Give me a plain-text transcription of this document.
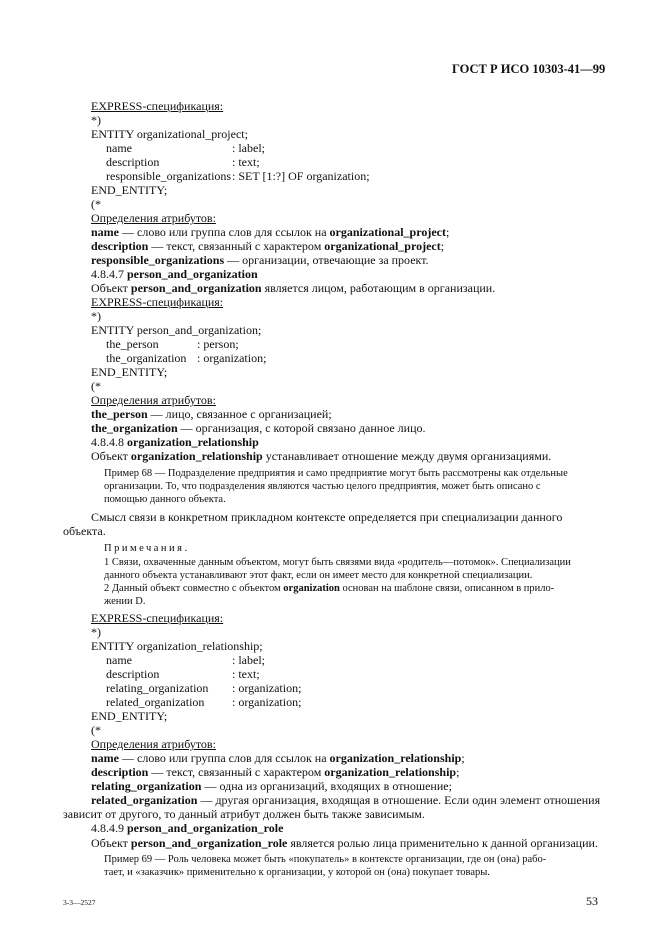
ГОСТ Р ИСО 10303-41—99
EXPRESS-спецификация:
*)
ENTITY organizational_project;
name	: label;
description	: text;
responsible_organizations : SET [1:?] OF organization;
END_ENTITY;
(*
Определения атрибутов:
name — слово или группа слов для ссылок на organizational_project;
description — текст, связанный с характером organizational_project;
responsible_organizations — организации, отвечающие за проект.
4.8.4.7 person_and_organization
Объект person_and_organization является лицом, работающим в организации.
EXPRESS-спецификация:
*)
ENTITY person_and_organization;
the_person	: person;
the_organization : organization;
END_ENTITY;
(*
Определения атрибутов:
the_person — лицо, связанное с организацией;
the_organization — организация, с которой связано данное лицо.
4.8.4.8 organization_relationship
Объект organization_relationship устанавливает отношение между двумя организациями.
Пример 68 — Подразделение предприятия и само предприятие могут быть рассмотрены как отдельные
организации. То, что подразделения являются частью целого предприятия, может быть описано с
помощью данного объекта.
Смысл связи в конкретном прикладном контексте определяется при специализации данного
объекта.
Примечания.
1 Связи, охваченные данным объектом, могут быть связями вида «родитель—потомок». Специализации
данного объекта устанавливают этот факт, если он имеет место для конкретной специализации.
2 Данный объект совместно с объектом organization основан на шаблоне связи, описанном в прило-
жении D.
EXPRESS-спецификация:
*)
ENTITY organization_relationship;
name	: label;
description	: text;
relating_organization : organization;
related_organization : organization;
END_ENTITY;
(*
Определения атрибутов:
name — слово или группа слов для ссылок на organization_relationship;
description — текст, связанный с характером organization_relationship;
relating_organization — одна из организаций, входящих в отношение;
related_organization — другая организация, входящая в отношение. Если один элемент отношения
зависит от другого, то данный атрибут должен быть также зависимым.
4.8.4.9 person_and_organization_role
Объект person_and_organization_role является ролью лица применительно к данной организации.
Пример 69 — Роль человека может быть «покупатель» в контексте организации, где он (она) рабо-
тает, и «заказчик» применительно к организации, у которой он (она) покупает товары.
3-3—2527	53
